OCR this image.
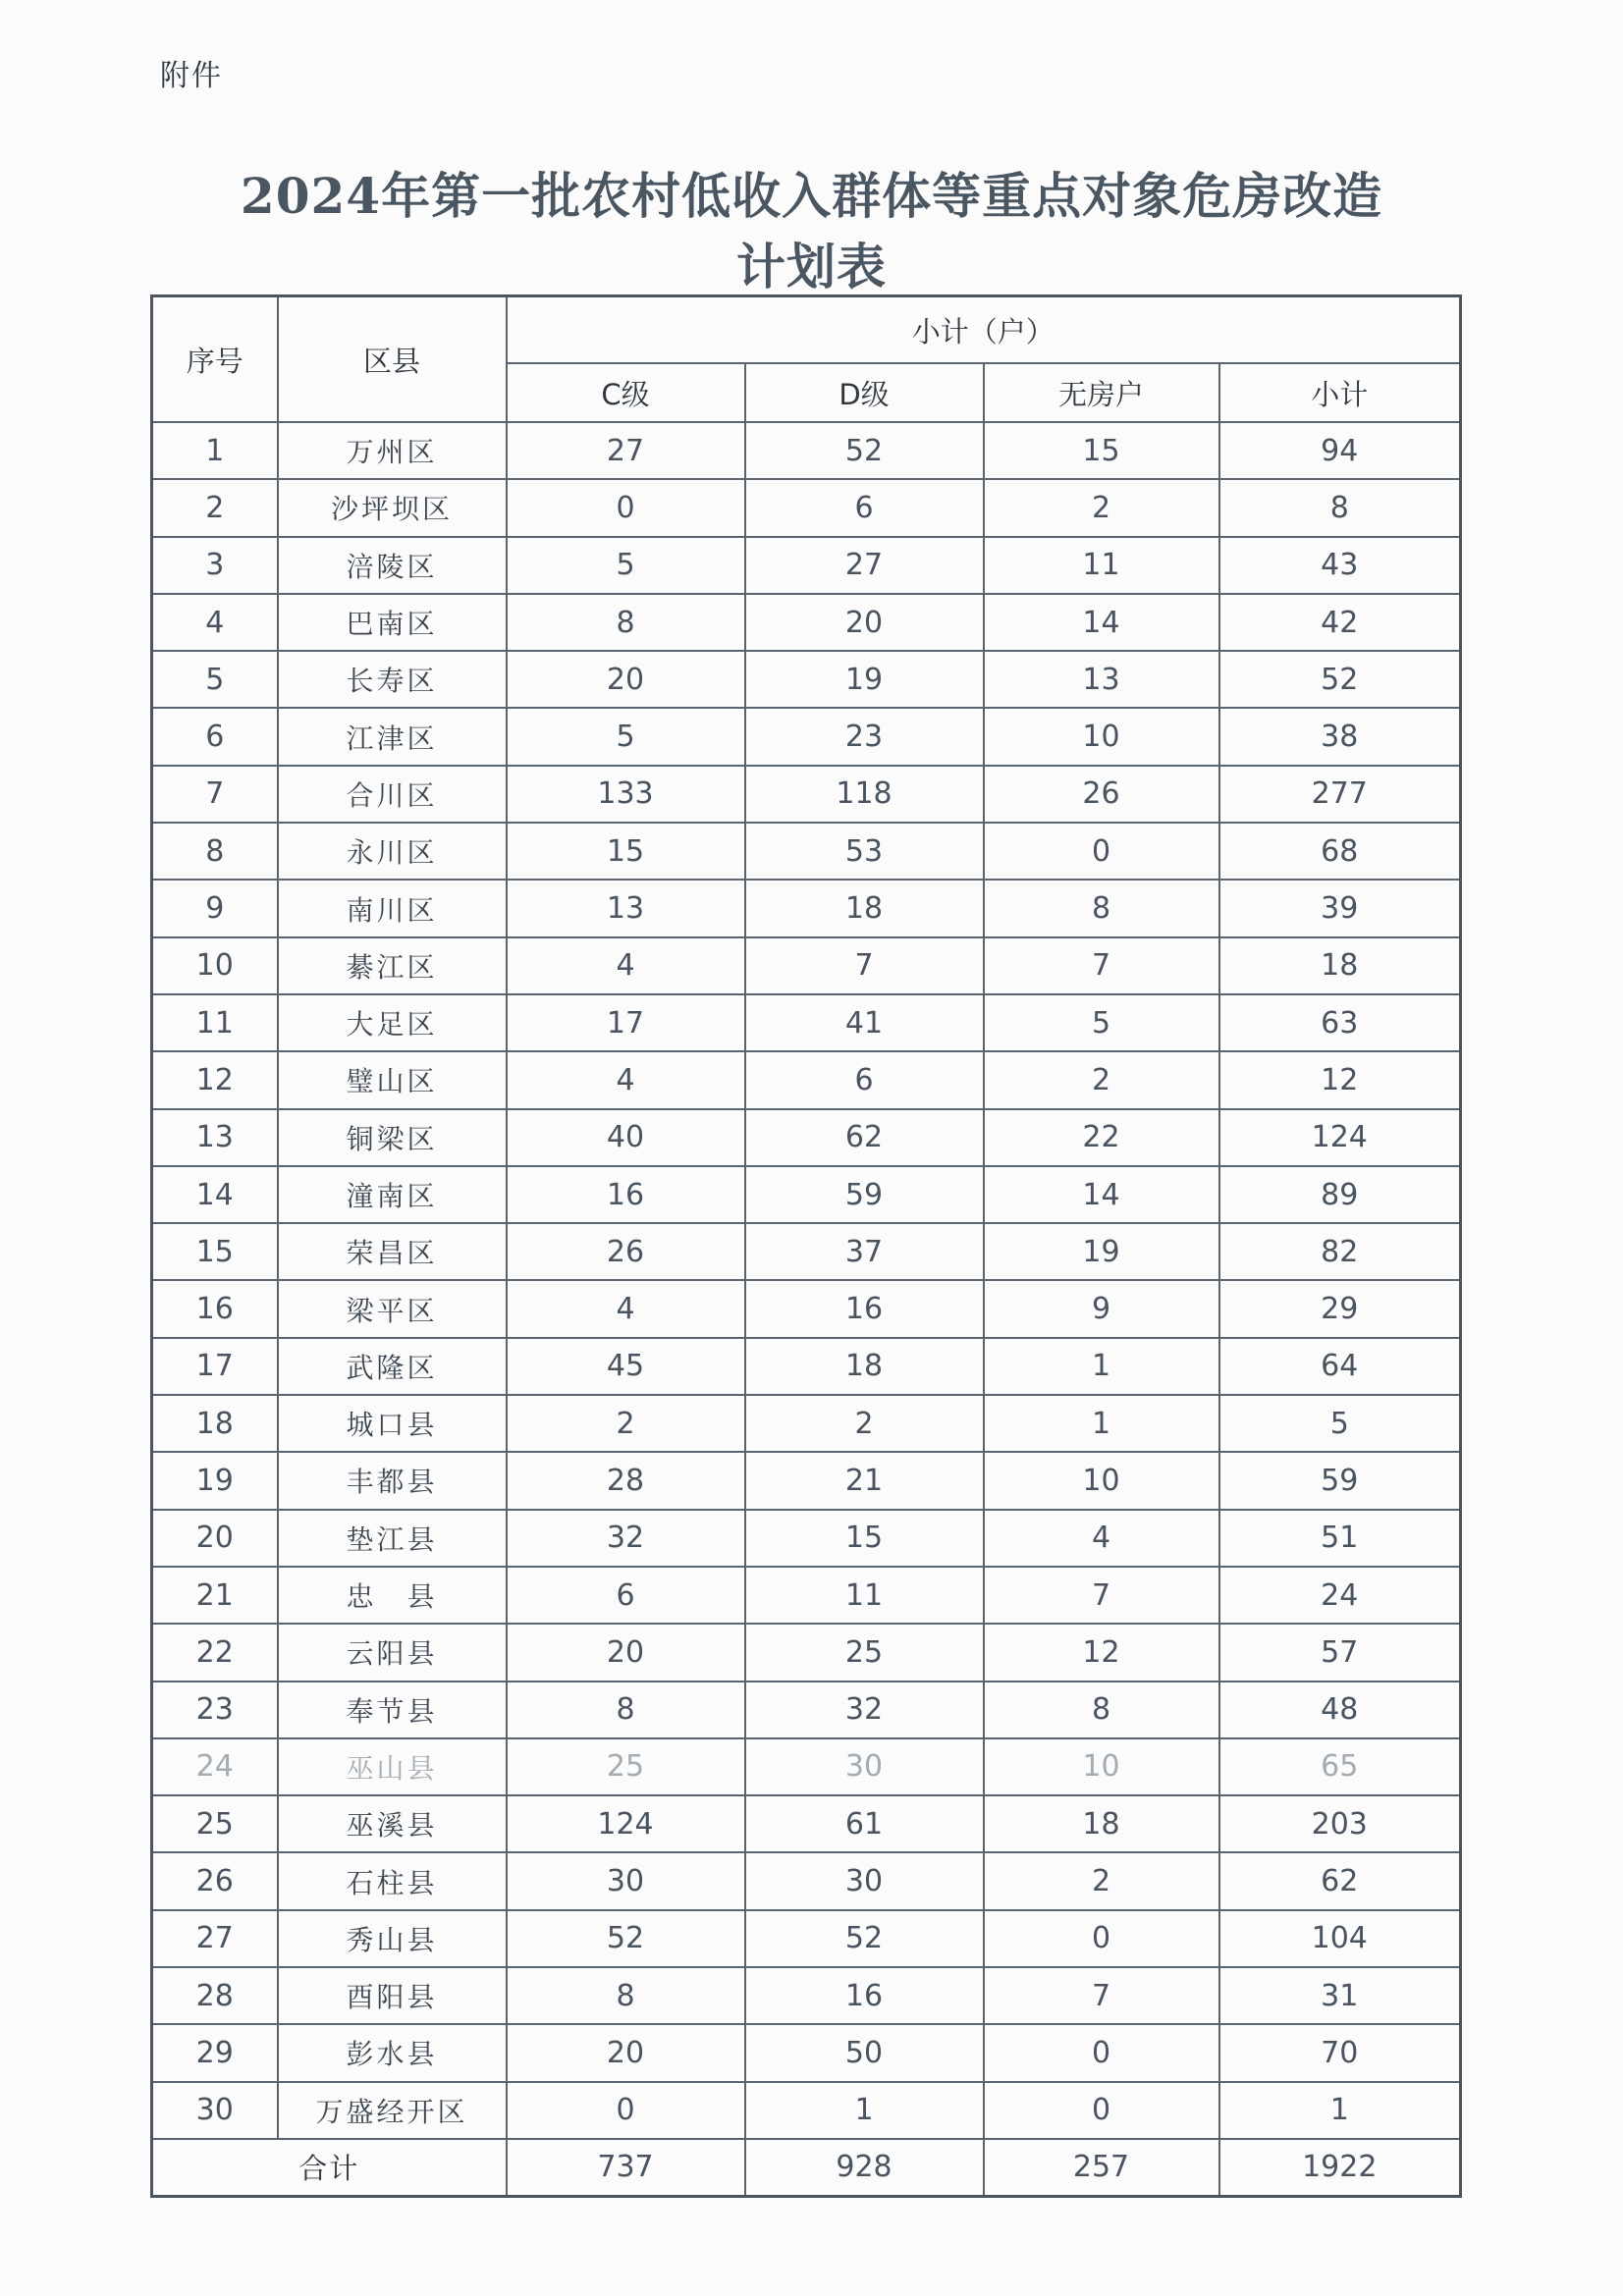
附件
2024年第一批农村低收入群体等重点对象危房改造
计划表
序号	区县	小计（户）			
		C级	D级	无房户	小计
1	万州区	27	52	15	94
2	沙坪坝区	0	6	2	8
3	涪陵区	5	27	11	43
4	巴南区	8	20	14	42
5	长寿区	20	19	13	52
6	江津区	5	23	10	38
7	合川区	133	118	26	277
8	永川区	15	53	0	68
9	南川区	13	18	8	39
10	綦江区	4	7	7	18
11	大足区	17	41	5	63
12	璧山区	4	6	2	12
13	铜梁区	40	62	22	124
14	潼南区	16	59	14	89
15	荣昌区	26	37	19	82
16	梁平区	4	16	9	29
17	武隆区	45	18	1	64
18	城口县	2	2	1	5
19	丰都县	28	21	10	59
20	垫江县	32	15	4	51
21	忠　县	6	11	7	24
22	云阳县	20	25	12	57
23	奉节县	8	32	8	48
24	巫山县	25	30	10	65
25	巫溪县	124	61	18	203
26	石柱县	30	30	2	62
27	秀山县	52	52	0	104
28	酉阳县	8	16	7	31
29	彭水县	20	50	0	70
30	万盛经开区	0	1	0	1
合计		737	928	257	1922
